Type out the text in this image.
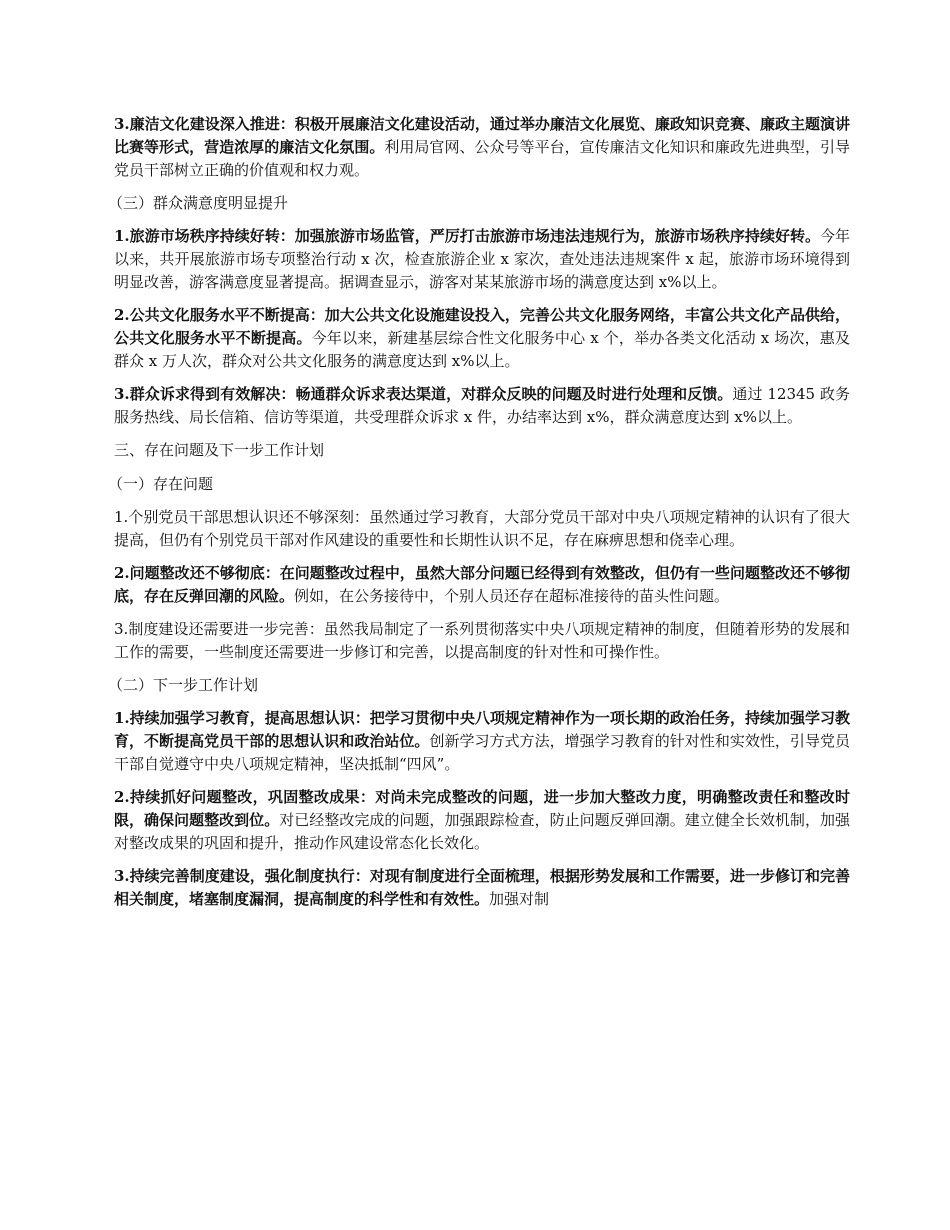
3.廉洁文化建设深入推进：积极开展廉洁文化建设活动，通过举办廉洁文化展览、廉政知识竞赛、廉政主题演讲比赛等形式，营造浓厚的廉洁文化氛围。利用局官网、公众号等平台，宣传廉洁文化知识和廉政先进典型，引导党员干部树立正确的价值观和权力观。

（三）群众满意度明显提升

1.旅游市场秩序持续好转：加强旅游市场监管，严厉打击旅游市场违法违规行为，旅游市场秩序持续好转。今年以来，共开展旅游市场专项整治行动 x 次，检查旅游企业 x 家次，查处违法违规案件 x 起，旅游市场环境得到明显改善，游客满意度显著提高。据调查显示，游客对某某旅游市场的满意度达到 x%以上。

2.公共文化服务水平不断提高：加大公共文化设施建设投入，完善公共文化服务网络，丰富公共文化产品供给，公共文化服务水平不断提高。今年以来，新建基层综合性文化服务中心 x 个，举办各类文化活动 x 场次，惠及群众 x 万人次，群众对公共文化服务的满意度达到 x%以上。

3.群众诉求得到有效解决：畅通群众诉求表达渠道，对群众反映的问题及时进行处理和反馈。通过 12345 政务服务热线、局长信箱、信访等渠道，共受理群众诉求 x 件，办结率达到 x%，群众满意度达到 x%以上。

三、存在问题及下一步工作计划

（一）存在问题

1.个别党员干部思想认识还不够深刻：虽然通过学习教育，大部分党员干部对中央八项规定精神的认识有了很大提高，但仍有个别党员干部对作风建设的重要性和长期性认识不足，存在麻痹思想和侥幸心理。

2.问题整改还不够彻底：在问题整改过程中，虽然大部分问题已经得到有效整改，但仍有一些问题整改还不够彻底，存在反弹回潮的风险。例如，在公务接待中，个别人员还存在超标准接待的苗头性问题。

3.制度建设还需要进一步完善：虽然我局制定了一系列贯彻落实中央八项规定精神的制度，但随着形势的发展和工作的需要，一些制度还需要进一步修订和完善，以提高制度的针对性和可操作性。

（二）下一步工作计划

1.持续加强学习教育，提高思想认识：把学习贯彻中央八项规定精神作为一项长期的政治任务，持续加强学习教育，不断提高党员干部的思想认识和政治站位。创新学习方式方法，增强学习教育的针对性和实效性，引导党员干部自觉遵守中央八项规定精神，坚决抵制“四风”。

2.持续抓好问题整改，巩固整改成果：对尚未完成整改的问题，进一步加大整改力度，明确整改责任和整改时限，确保问题整改到位。对已经整改完成的问题，加强跟踪检查，防止问题反弹回潮。建立健全长效机制，加强对整改成果的巩固和提升，推动作风建设常态化长效化。

3.持续完善制度建设，强化制度执行：对现有制度进行全面梳理，根据形势发展和工作需要，进一步修订和完善相关制度，堵塞制度漏洞，提高制度的科学性和有效性。加强对制
